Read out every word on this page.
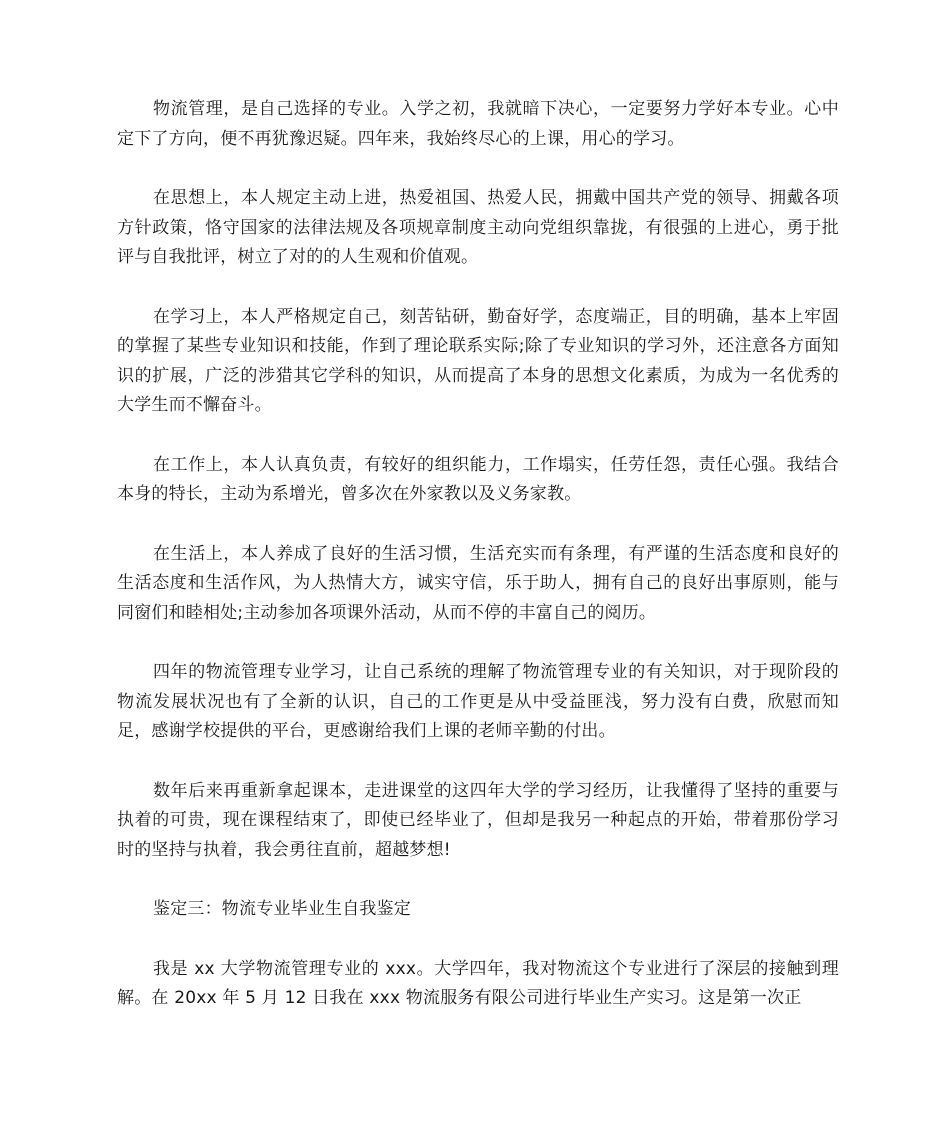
物流管理，是自己选择的专业。入学之初，我就暗下决心，一定要努力学好本专业。心中定下了方向，便不再犹豫迟疑。四年来，我始终尽心的上课，用心的学习。

在思想上，本人规定主动上进，热爱祖国、热爱人民，拥戴中国共产党的领导、拥戴各项方针政策，恪守国家的法律法规及各项规章制度主动向党组织靠拢，有很强的上进心，勇于批评与自我批评，树立了对的的人生观和价值观。

在学习上，本人严格规定自己，刻苦钻研，勤奋好学，态度端正，目的明确，基本上牢固的掌握了某些专业知识和技能，作到了理论联系实际;除了专业知识的学习外，还注意各方面知识的扩展，广泛的涉猎其它学科的知识，从而提高了本身的思想文化素质，为成为一名优秀的大学生而不懈奋斗。

在工作上，本人认真负责，有较好的组织能力，工作塌实，任劳任怨，责任心强。我结合本身的特长，主动为系增光，曾多次在外家教以及义务家教。

在生活上，本人养成了良好的生活习惯，生活充实而有条理，有严谨的生活态度和良好的生活态度和生活作风，为人热情大方，诚实守信，乐于助人，拥有自己的良好出事原则，能与同窗们和睦相处;主动参加各项课外活动，从而不停的丰富自己的阅历。

四年的物流管理专业学习，让自己系统的理解了物流管理专业的有关知识，对于现阶段的物流发展状况也有了全新的认识，自己的工作更是从中受益匪浅，努力没有白费，欣慰而知足，感谢学校提供的平台，更感谢给我们上课的老师辛勤的付出。

数年后来再重新拿起课本，走进课堂的这四年大学的学习经历，让我懂得了坚持的重要与执着的可贵，现在课程结束了，即使已经毕业了，但却是我另一种起点的开始，带着那份学习时的坚持与执着，我会勇往直前，超越梦想!

鉴定三：物流专业毕业生自我鉴定

我是 xx 大学物流管理专业的 xxx。大学四年，我对物流这个专业进行了深层的接触到理解。在 20xx 年 5 月 12 日我在 xxx 物流服务有限公司进行毕业生产实习。这是第一次正
